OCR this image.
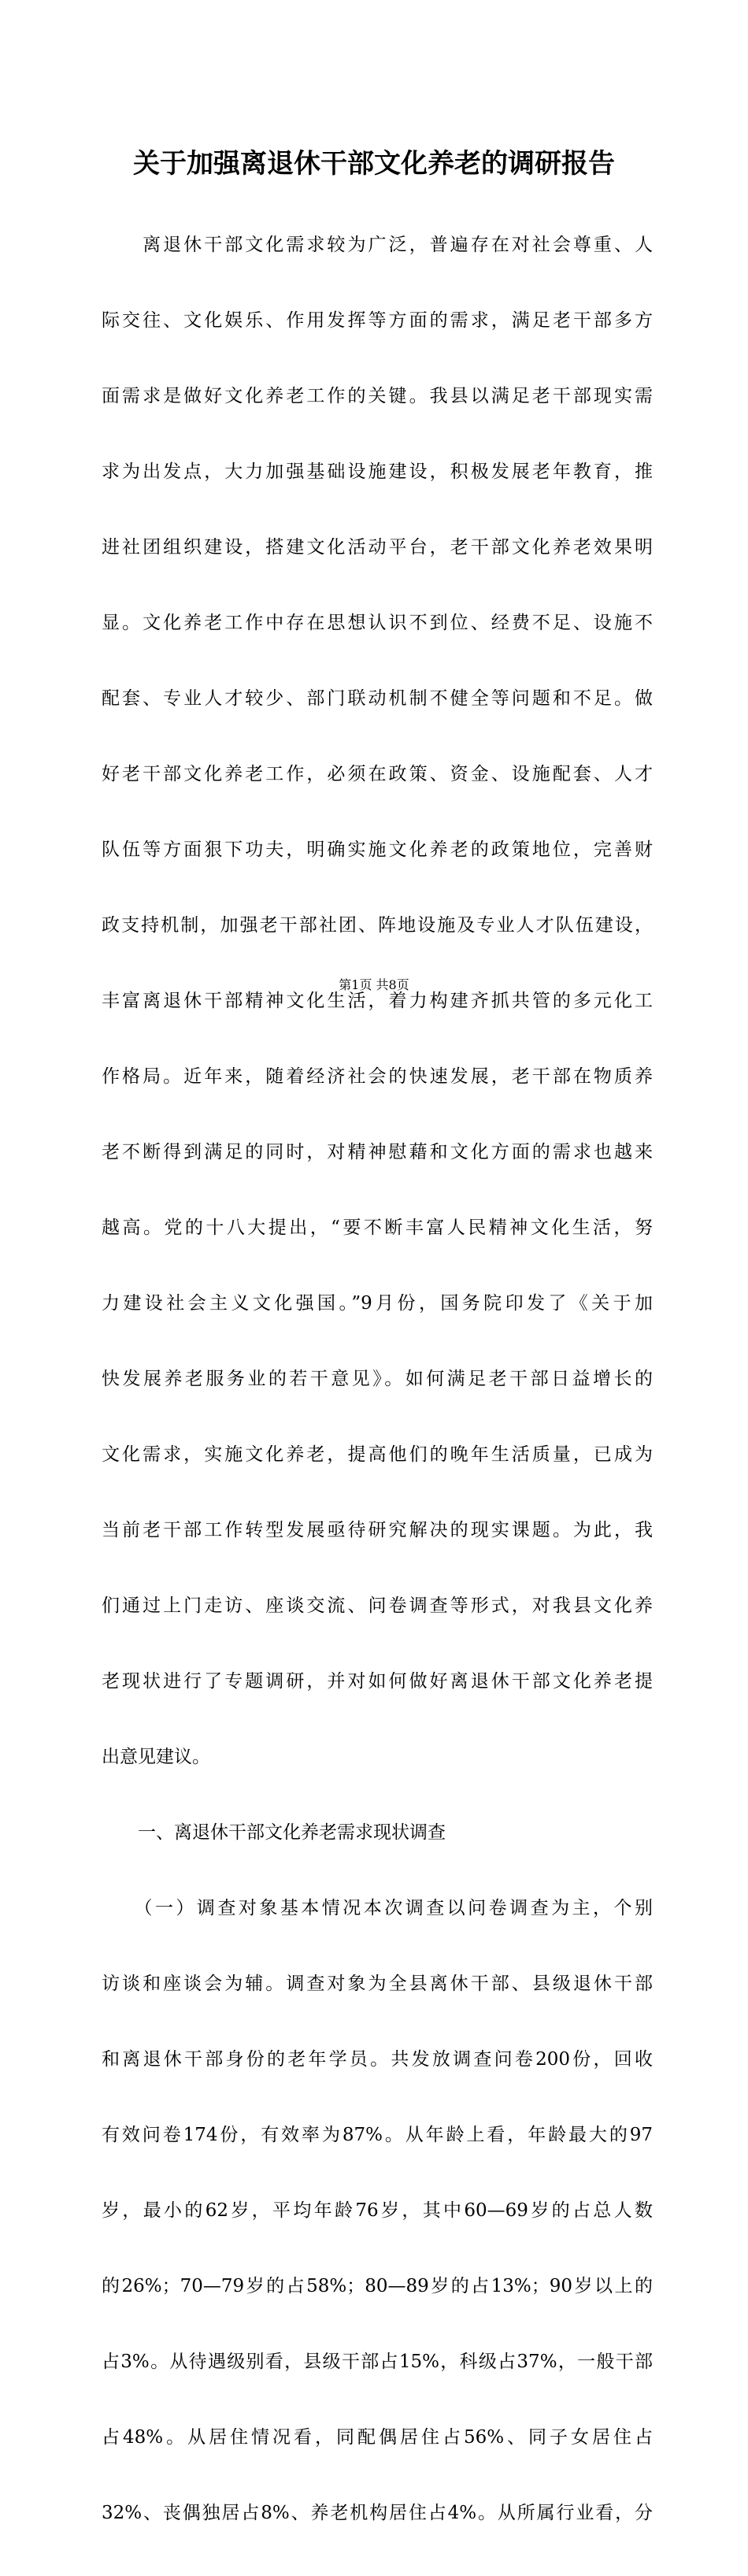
关于加强离退休干部文化养老的调研报告

　　离退休干部文化需求较为广泛，普遍存在对社会尊重、人

际交往、文化娱乐、作用发挥等方面的需求，满足老干部多方

面需求是做好文化养老工作的关键。我县以满足老干部现实需

求为出发点，大力加强基础设施建设，积极发展老年教育，推

进社团组织建设，搭建文化活动平台，老干部文化养老效果明

显。文化养老工作中存在思想认识不到位、经费不足、设施不

配套、专业人才较少、部门联动机制不健全等问题和不足。做

好老干部文化养老工作，必须在政策、资金、设施配套、人才

队伍等方面狠下功夫，明确实施文化养老的政策地位，完善财

政支持机制，加强老干部社团、阵地设施及专业人才队伍建设，

丰富离退休干部精神文化生活，着力构建齐抓共管的多元化工

作格局。近年来，随着经济社会的快速发展，老干部在物质养

老不断得到满足的同时，对精神慰藉和文化方面的需求也越来

越高。党的十八大提出，“要不断丰富人民精神文化生活，努

力建设社会主义文化强国。”9月份，国务院印发了《关于加

快发展养老服务业的若干意见》。如何满足老干部日益增长的

文化需求，实施文化养老，提高他们的晚年生活质量，已成为

当前老干部工作转型发展亟待研究解决的现实课题。为此，我

们通过上门走访、座谈交流、问卷调查等形式，对我县文化养

老现状进行了专题调研，并对如何做好离退休干部文化养老提

出意见建议。

　　一、离退休干部文化养老需求现状调查

　　（一）调查对象基本情况本次调查以问卷调查为主，个别

访谈和座谈会为辅。调查对象为全县离休干部、县级退休干部

和离退休干部身份的老年学员。共发放调查问卷200份，回收

有效问卷174份，有效率为87%。从年龄上看，年龄最大的97

岁，最小的62岁，平均年龄76岁，其中60—69岁的占总人数

的26%；70—79岁的占58%；80—89岁的占13%；90岁以上的

占3%。从待遇级别看，县级干部占15%，科级占37%，一般干部

占48%。从居住情况看，同配偶居住占56%、同子女居住占

32%、丧偶独居占8%、养老机构居住占4%。从所属行业看，分

第1页 共8页
